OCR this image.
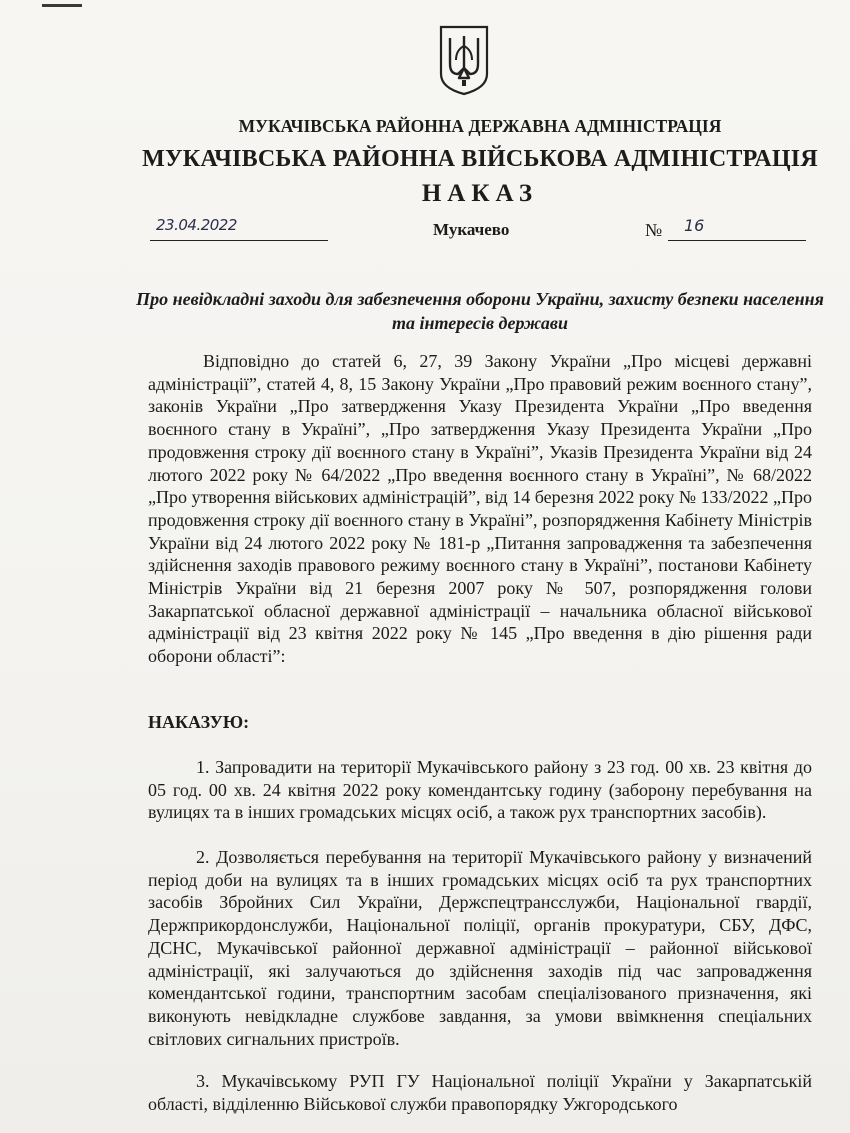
МУКАЧІВСЬКА РАЙОННА ДЕРЖАВНА АДМІНІСТРАЦІЯ
МУКАЧІВСЬКА РАЙОННА ВІЙСЬКОВА АДМІНІСТРАЦІЯ
НАКАЗ
23.04.2022	Мукачево	№ 16
Про невідкладні заходи для забезпечення оборони України, захисту безпеки населення та інтересів держави
Відповідно до статей 6, 27, 39 Закону України „Про місцеві державні адміністрації”, статей 4, 8, 15 Закону України „Про правовий режим воєнного стану”, законів України „Про затвердження Указу Президента України „Про введення воєнного стану в Україні”, „Про затвердження Указу Президента України „Про продовження строку дії воєнного стану в Україні”, Указів Президента України від 24 лютого 2022 року № 64/2022 „Про введення воєнного стану в Україні”, № 68/2022 „Про утворення військових адміністрацій”, від 14 березня 2022 року № 133/2022 „Про продовження строку дії воєнного стану в Україні”, розпорядження Кабінету Міністрів України від 24 лютого 2022 року № 181-р „Питання запровадження та забезпечення здійснення заходів правового режиму воєнного стану в Україні”, постанови Кабінету Міністрів України від 21 березня 2007 року № 507, розпорядження голови Закарпатської обласної державної адміністрації – начальника обласної військової адміністрації від 23 квітня 2022 року № 145 „Про введення в дію рішення ради оборони області”:
НАКАЗУЮ:
1. Запровадити на території Мукачівського району з 23 год. 00 хв. 23 квітня до 05 год. 00 хв. 24 квітня 2022 року комендантську годину (заборону перебування на вулицях та в інших громадських місцях осіб, а також рух транспортних засобів).
2. Дозволяється перебування на території Мукачівського району у визначений період доби на вулицях та в інших громадських місцях осіб та рух транспортних засобів Збройних Сил України, Держспецтрансслужби, Національної гвардії, Держприкордонслужби, Національної поліції, органів прокуратури, СБУ, ДФС, ДСНС, Мукачівської районної державної адміністрації – районної військової адміністрації, які залучаються до здійснення заходів під час запровадження комендантської години, транспортним засобам спеціалізованого призначення, які виконують невідкладне службове завдання, за умови ввімкнення спеціальних світлових сигнальних пристроїв.
3. Мукачівському РУП ГУ Національної поліції України у Закарпатській області, відділенню Військової служби правопорядку Ужгородського
